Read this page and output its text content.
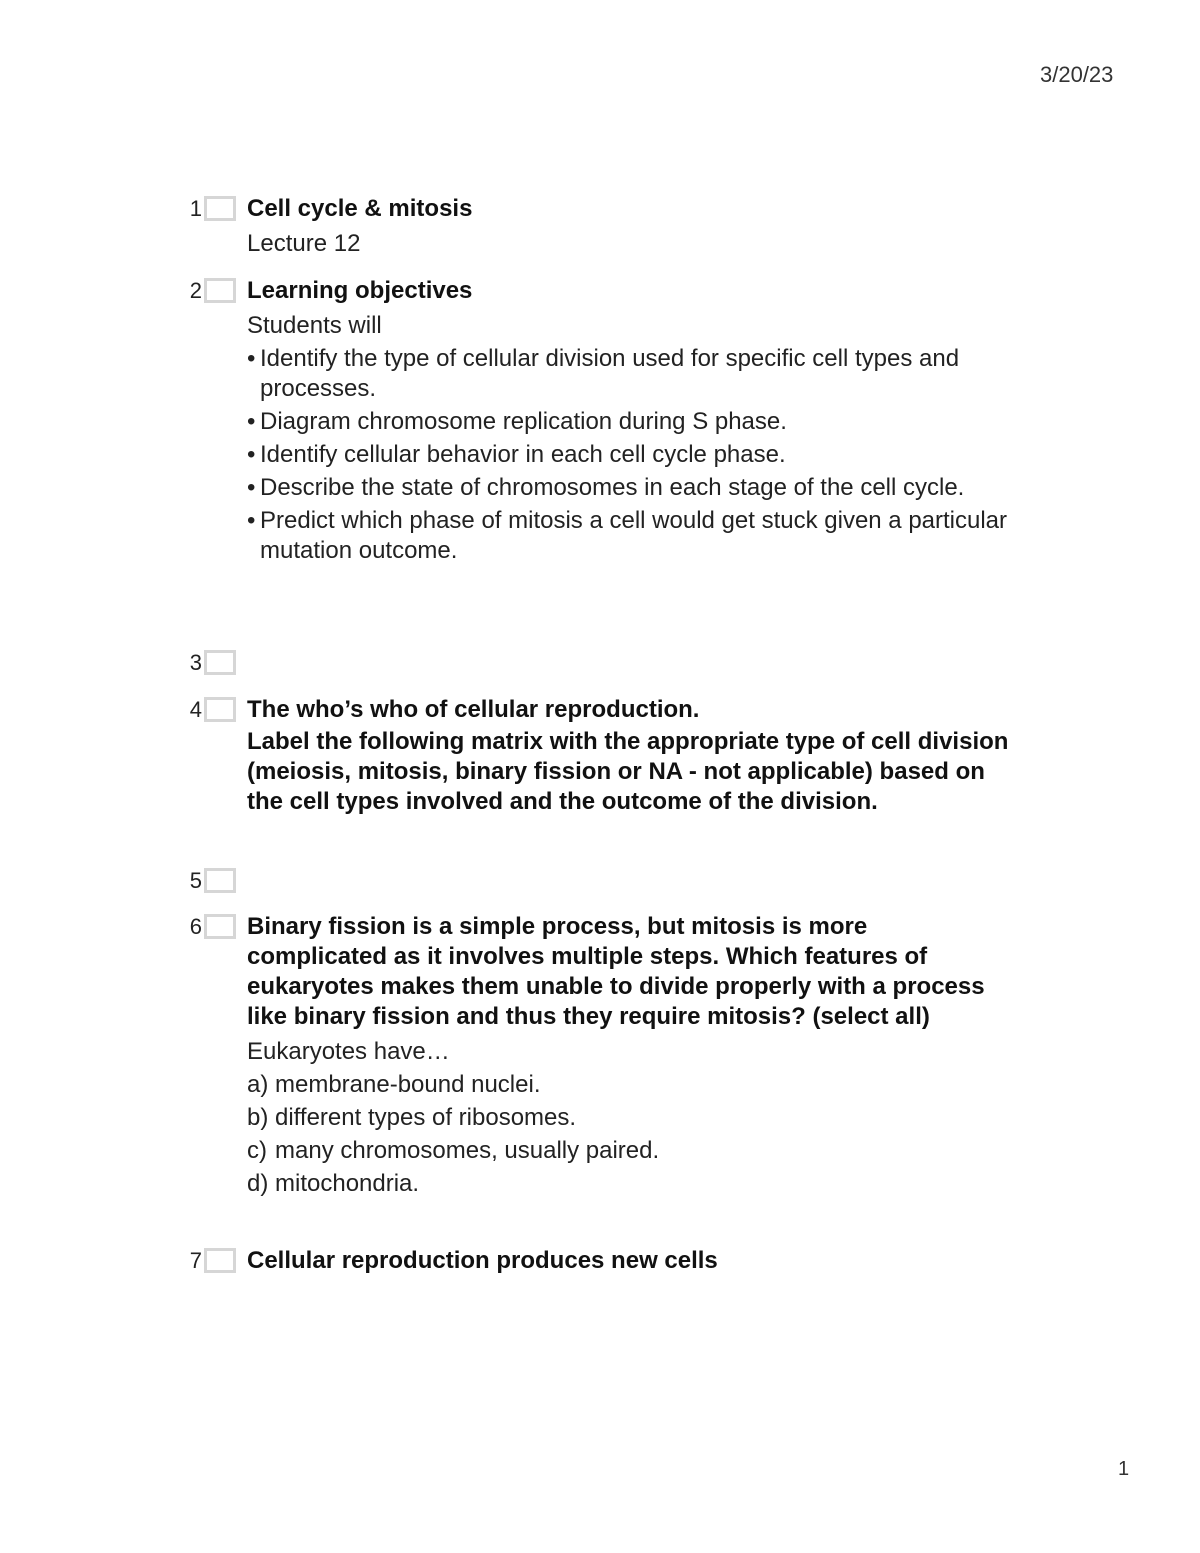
3/20/23
1 Cell cycle & mitosis
Lecture 12
2 Learning objectives
Students will
• Identify the type of cellular division used for specific cell types and processes.
• Diagram chromosome replication during S phase.
• Identify cellular behavior in each cell cycle phase.
• Describe the state of chromosomes in each stage of the cell cycle.
• Predict which phase of mitosis a cell would get stuck given a particular mutation outcome.
3
4 The who’s who of cellular reproduction.
Label the following matrix with the appropriate type of cell division (meiosis, mitosis, binary fission or NA - not applicable) based on the cell types involved and the outcome of the division.
5
6 Binary fission is a simple process, but mitosis is more complicated as it involves multiple steps. Which features of eukaryotes makes them unable to divide properly with a process like binary fission and thus they require mitosis? (select all)
Eukaryotes have…
a) membrane-bound nuclei.
b) different types of ribosomes.
c) many chromosomes, usually paired.
d) mitochondria.
7 Cellular reproduction produces new cells
1
